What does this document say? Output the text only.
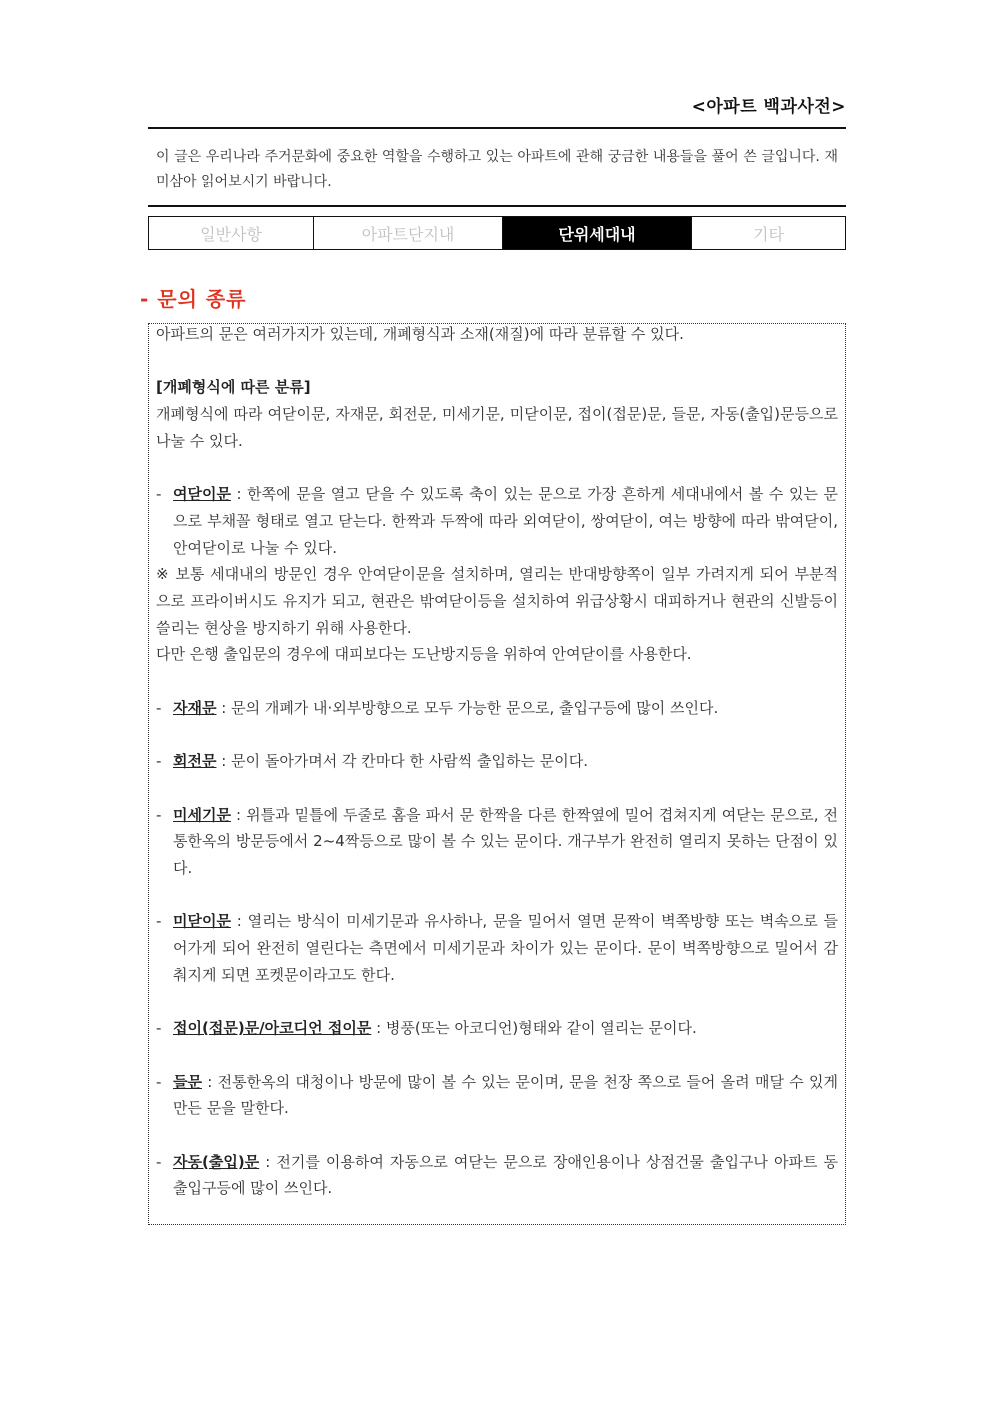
<아파트 백과사전>
이 글은 우리나라 주거문화에 중요한 역할을 수행하고 있는 아파트에 관해 궁금한 내용들을 풀어 쓴 글입니다. 재미삼아 읽어보시기 바랍니다.
일반사항	아파트단지내	단위세대내	기타
- 문의 종류

아파트의 문은 여러가지가 있는데, 개폐형식과 소재(재질)에 따라 분류할 수 있다.

[개폐형식에 따른 분류]

개폐형식에 따라 여닫이문, 자재문, 회전문, 미세기문, 미닫이문, 접이(접문)문, 들문, 자동(출입)문등으로 나눌 수 있다.

- 여닫이문 : 한쪽에 문을 열고 닫을 수 있도록 축이 있는 문으로 가장 흔하게 세대내에서 볼 수 있는 문으로 부채꼴 형태로 열고 닫는다. 한짝과 두짝에 따라 외여닫이, 쌍여닫이, 여는 방향에 따라 밖여닫이, 안여닫이로 나눌 수 있다.

※ 보통 세대내의 방문인 경우 안여닫이문을 설치하며, 열리는 반대방향쪽이 일부 가려지게 되어 부분적으로 프라이버시도 유지가 되고, 현관은 밖여닫이등을 설치하여 위급상황시 대피하거나 현관의 신발등이 쓸리는 현상을 방지하기 위해 사용한다.

다만 은행 출입문의 경우에 대피보다는 도난방지등을 위하여 안여닫이를 사용한다.

- 자재문 : 문의 개폐가 내·외부방향으로 모두 가능한 문으로, 출입구등에 많이 쓰인다.
- 회전문 : 문이 돌아가며서 각 칸마다 한 사람씩 출입하는 문이다.
- 미세기문 : 위틀과 밑틀에 두줄로 홈을 파서 문 한짝을 다른 한짝옆에 밀어 겹쳐지게 여닫는 문으로, 전통한옥의 방문등에서 2~4짝등으로 많이 볼 수 있는 문이다. 개구부가 완전히 열리지 못하는 단점이 있다.
- 미닫이문 : 열리는 방식이 미세기문과 유사하나, 문을 밀어서 열면 문짝이 벽쪽방향 또는 벽속으로 들어가게 되어 완전히 열린다는 측면에서 미세기문과 차이가 있는 문이다. 문이 벽쪽방향으로 밀어서 감춰지게 되면 포켓문이라고도 한다.
- 접이(접문)문/아코디언 접이문 : 병풍(또는 아코디언)형태와 같이 열리는 문이다.
- 들문 : 전통한옥의 대청이나 방문에 많이 볼 수 있는 문이며, 문을 천장 쪽으로 들어 올려 매달 수 있게 만든 문을 말한다.
- 자동(출입)문 : 전기를 이용하여 자동으로 여닫는 문으로 장애인용이나 상점건물 출입구나 아파트 동출입구등에 많이 쓰인다.
